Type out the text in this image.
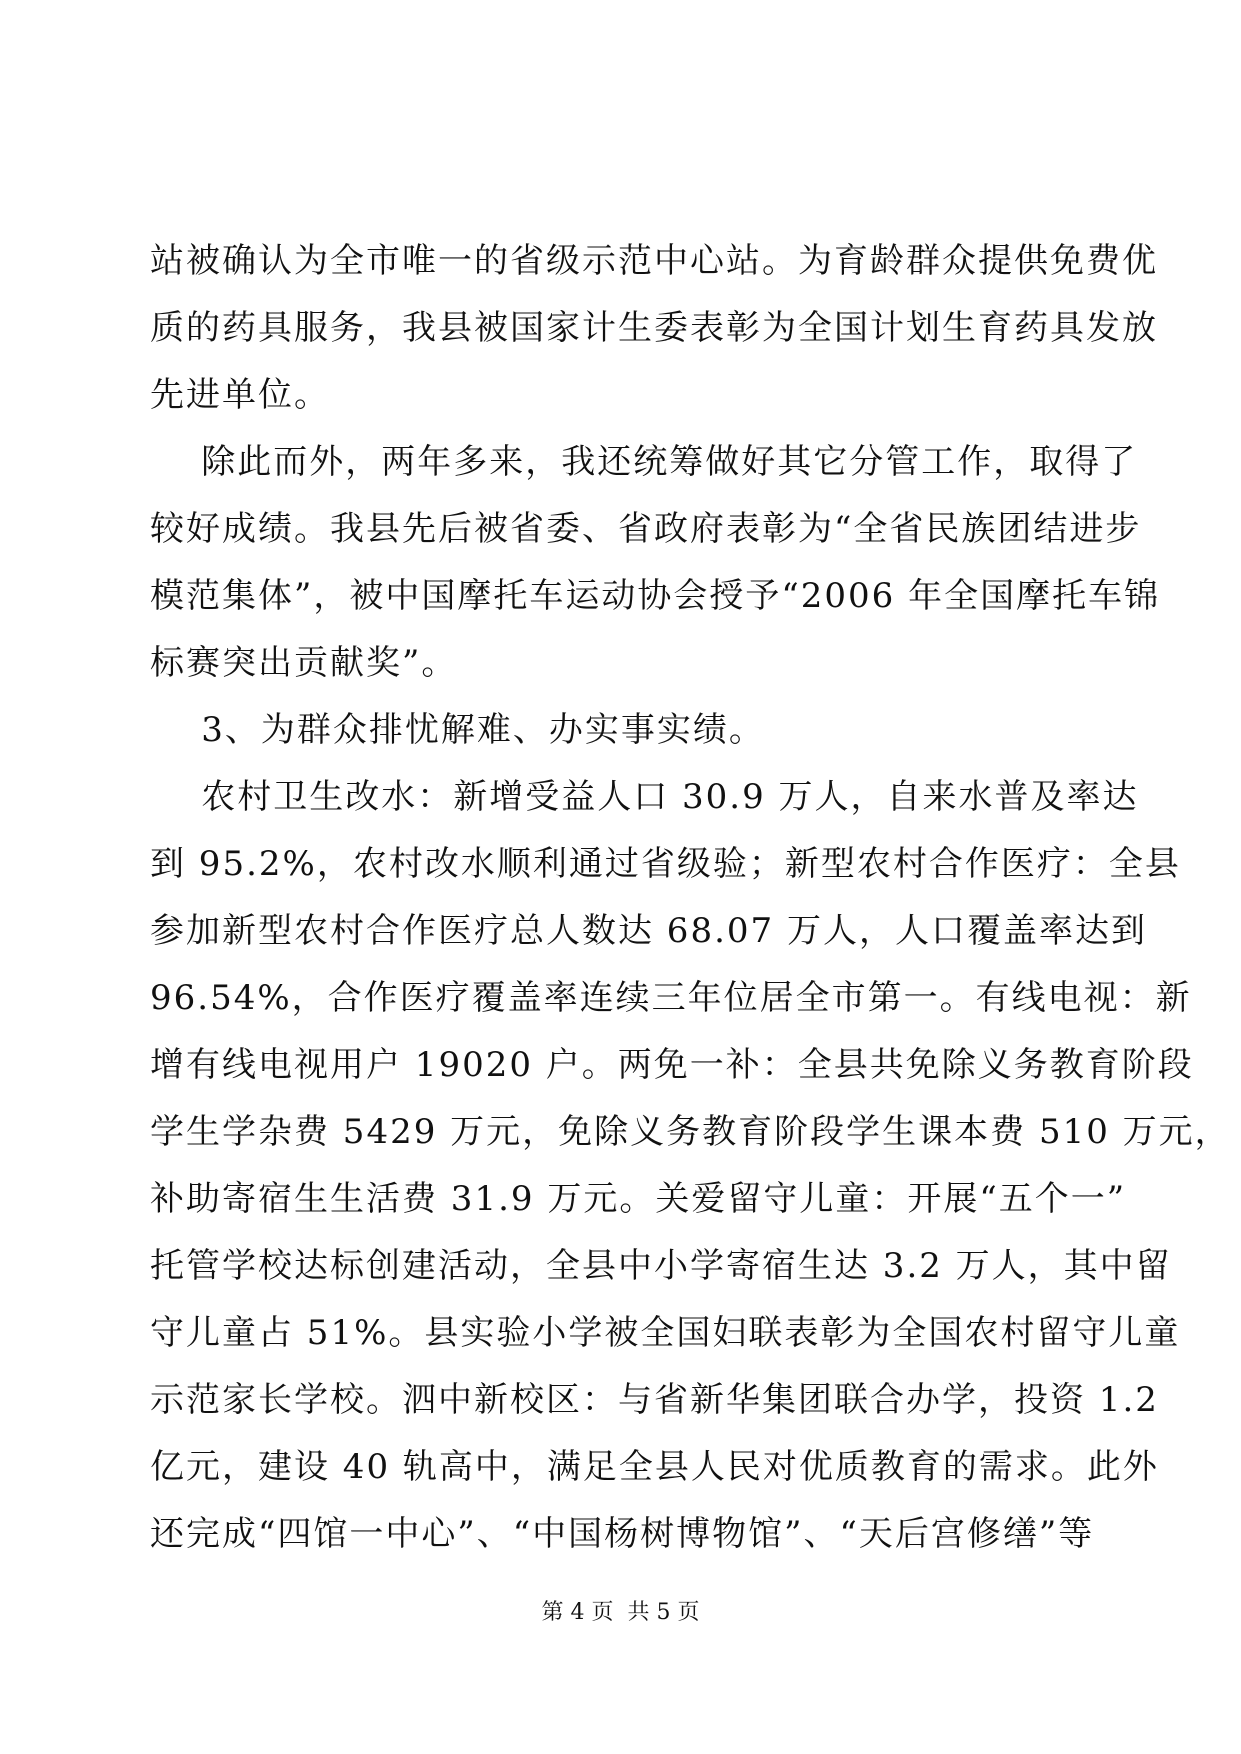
站被确认为全市唯一的省级示范中心站。为育龄群众提供免费优
质的药具服务，我县被国家计生委表彰为全国计划生育药具发放
先进单位。
除此而外，两年多来，我还统筹做好其它分管工作，取得了
较好成绩。我县先后被省委、省政府表彰为“全省民族团结进步
模范集体”，被中国摩托车运动协会授予“2006 年全国摩托车锦
标赛突出贡献奖”。
3、为群众排忧解难、办实事实绩。
农村卫生改水：新增受益人口 30.9 万人，自来水普及率达
到 95.2%，农村改水顺利通过省级验；新型农村合作医疗：全县
参加新型农村合作医疗总人数达 68.07 万人，人口覆盖率达到
96.54%，合作医疗覆盖率连续三年位居全市第一。有线电视：新
增有线电视用户 19020 户。两免一补：全县共免除义务教育阶段
学生学杂费 5429 万元，免除义务教育阶段学生课本费 510 万元，
补助寄宿生生活费 31.9 万元。关爱留守儿童：开展“五个一”
托管学校达标创建活动，全县中小学寄宿生达 3.2 万人，其中留
守儿童占 51%。县实验小学被全国妇联表彰为全国农村留守儿童
示范家长学校。泗中新校区：与省新华集团联合办学，投资 1.2
亿元，建设 40 轨高中，满足全县人民对优质教育的需求。此外
还完成“四馆一中心”、“中国杨树博物馆”、“天后宫修缮”等
第 4 页  共 5 页
